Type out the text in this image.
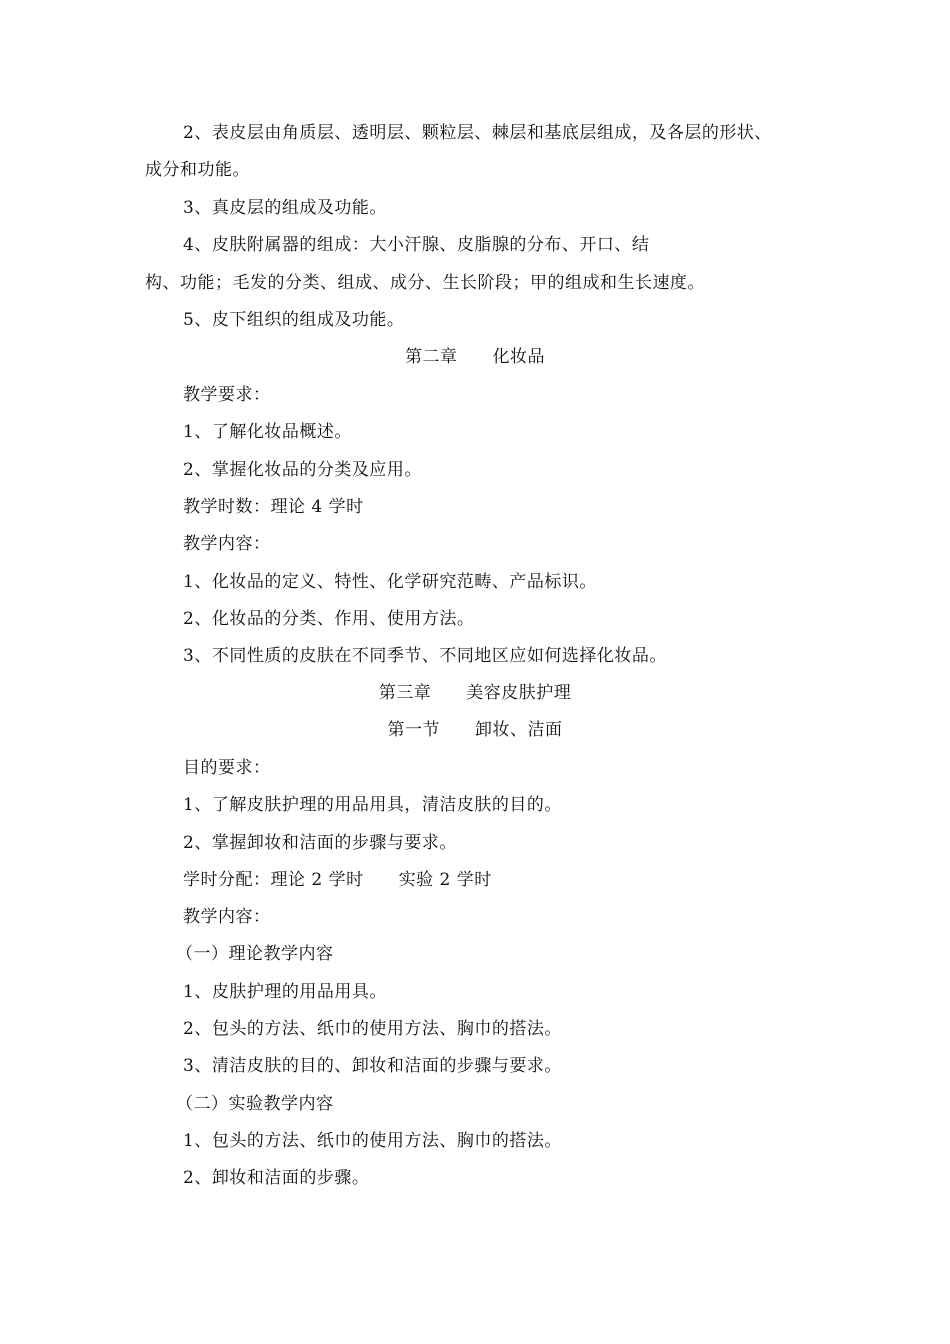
2、表皮层由角质层、透明层、颗粒层、棘层和基底层组成，及各层的形状、
成分和功能。
3、真皮层的组成及功能。
4、皮肤附属器的组成：大小汗腺、皮脂腺的分布、开口、结
构、功能；毛发的分类、组成、成分、生长阶段；甲的组成和生长速度。
5、皮下组织的组成及功能。
第二章　　化妆品
教学要求：
1、了解化妆品概述。
2、掌握化妆品的分类及应用。
教学时数：理论 4 学时
教学内容：
1、化妆品的定义、特性、化学研究范畴、产品标识。
2、化妆品的分类、作用、使用方法。
3、不同性质的皮肤在不同季节、不同地区应如何选择化妆品。
第三章　　美容皮肤护理
第一节　　卸妆、洁面
目的要求：
1、了解皮肤护理的用品用具，清洁皮肤的目的。
2、掌握卸妆和洁面的步骤与要求。
学时分配：理论 2 学时　　实验 2 学时
教学内容：
（一）理论教学内容
1、皮肤护理的用品用具。
2、包头的方法、纸巾的使用方法、胸巾的搭法。
3、清洁皮肤的目的、卸妆和洁面的步骤与要求。
（二）实验教学内容
1、包头的方法、纸巾的使用方法、胸巾的搭法。
2、卸妆和洁面的步骤。
